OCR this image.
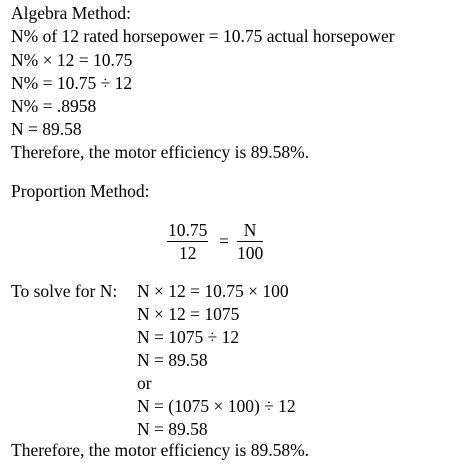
Algebra Method:
N% of 12 rated horsepower = 10.75 actual horsepower
N% × 12 = 10.75
N% = 10.75 ÷ 12
N% = .8958
N = 89.58
Therefore, the motor efficiency is 89.58%.
Proportion Method:
$\frac{10.75}{12} = \frac{N}{100}$
To solve for N: N × 12 = 10.75 × 100
N × 12 = 1075
N = 1075 ÷ 12
N = 89.58
or
N = (1075 × 100) ÷ 12
N = 89.58
Therefore, the motor efficiency is 89.58%.
